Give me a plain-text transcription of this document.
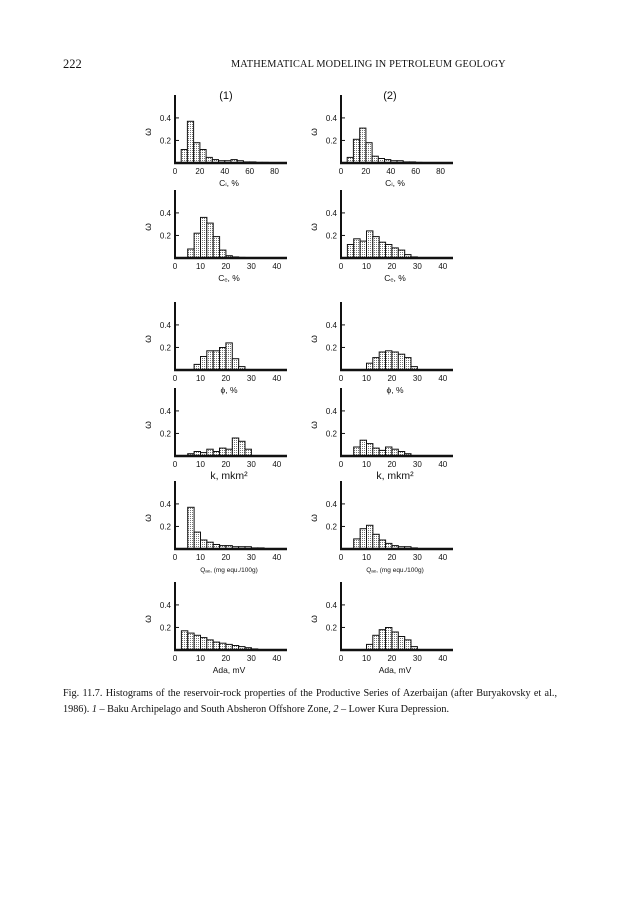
222	MATHEMATICAL MODELING IN PETROLEUM GEOLOGY
(1)	(2)
0.2
0.4
ω
0 20 40 60 80
Cₗ, %
0.2
0.4
ω
0 20 40 60 80
Cₗ, %
0.2
0.4
ω
0 10 20 30 40
Cₑ, %
0.2
0.4
ω
0 10 20 30 40
Cₑ, %
0.2
0.4
ω
0 10 20 30 40
ϕ, %
0.2
0.4
ω
0 10 20 30 40
ϕ, %
0.2
0.4
ω
0 10 20 30 40
k, mkm²
0.2
0.4
ω
0 10 20 30 40
k, mkm²
0.2
0.4
ω
0 10 20 30 40
Qₐₑ, (mg equ./100g)
0.2
0.4
ω
0 10 20 30 40
Qₐₑ, (mg equ./100g)
0.2
0.4
ω
0 10 20 30 40
Ada, mV
0.2
0.4
ω
0 10 20 30 40
Ada, mV
Fig. 11.7. Histograms of the reservoir-rock properties of the Productive Series of Azerbaijan (after Buryakovsky et al., 1986). 1 – Baku Archipelago and South Absheron Offshore Zone, 2 – Lower Kura Depression.
